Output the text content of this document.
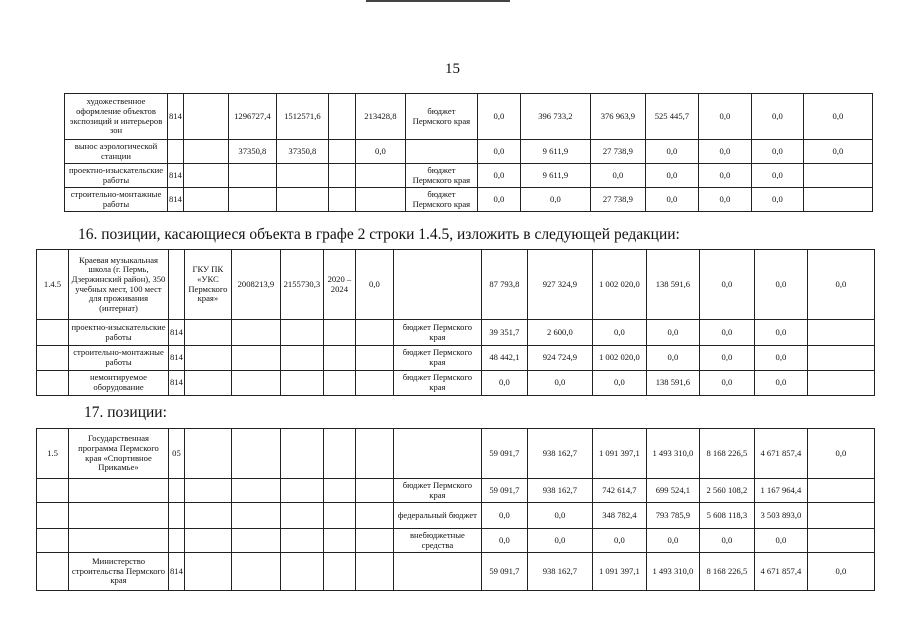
15
художественное оформление объектов экспозиций и интерьеров зон	814		1296727,4	1512571,6		213428,8	бюджет Пермского края	0,0	396 733,2	376 963,9	525 445,7	0,0	0,0	0,0
вынос аэрологической станции			37350,8	37350,8		0,0		0,0	9 611,9	27 738,9	0,0	0,0	0,0	0,0
проектно-изыскательские работы	814						бюджет Пермского края	0,0	9 611,9	0,0	0,0	0,0	0,0	
строительно-монтажные работы	814						бюджет Пермского края	0,0	0,0	27 738,9	0,0	0,0	0,0	
16. позиции, касающиеся объекта в графе 2 строки 1.4.5, изложить в следующей редакции:
1.4.5	Краевая музыкальная школа (г. Пермь, Дзержинский район), 350 учебных мест, 100 мест для проживания (интернат)		ГКУ ПК «УКС Пермского края»	2008213,9	2155730,3	2020 – 2024	0,0		87 793,8	927 324,9	1 002 020,0	138 591,6	0,0	0,0	0,0
	проектно-изыскательские работы	814						бюджет Пермского края	39 351,7	2 600,0	0,0	0,0	0,0	0,0	
	строительно-монтажные работы	814						бюджет Пермского края	48 442,1	924 724,9	1 002 020,0	0,0	0,0	0,0	
	немонтируемое оборудование	814						бюджет Пермского края	0,0	0,0	0,0	138 591,6	0,0	0,0	
17. позиции:
1.5	Государственная программа Пермского края «Спортивное Прикамье»	05							59 091,7	938 162,7	1 091 397,1	1 493 310,0	8 168 226,5	4 671 857,4	0,0
								бюджет Пермского края	59 091,7	938 162,7	742 614,7	699 524,1	2 560 108,2	1 167 964,4	
								федеральный бюджет	0,0	0,0	348 782,4	793 785,9	5 608 118,3	3 503 893,0	
								внебюджетные средства	0,0	0,0	0,0	0,0	0,0	0,0	
	Министерство строительства Пермского края	814							59 091,7	938 162,7	1 091 397,1	1 493 310,0	8 168 226,5	4 671 857,4	0,0
